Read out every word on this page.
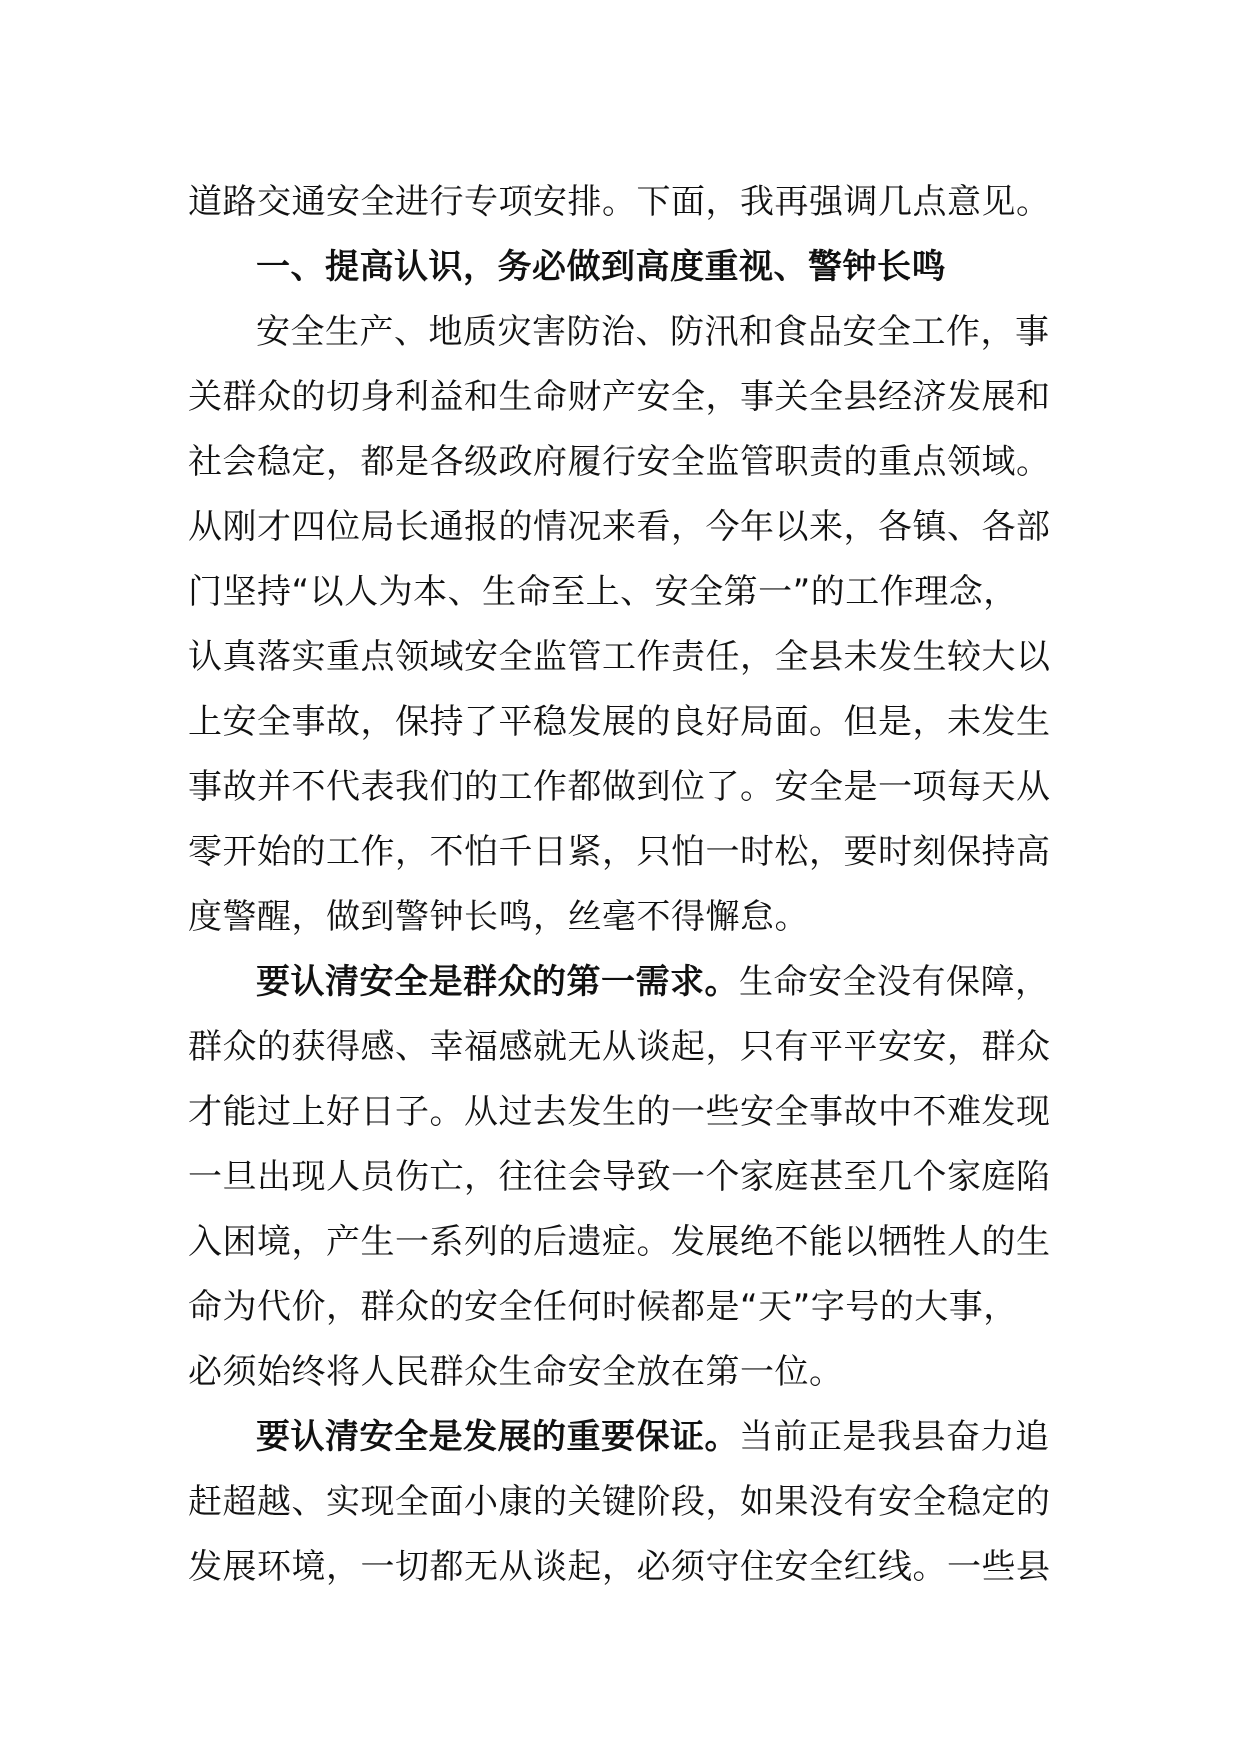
道路交通安全进行专项安排。下面，我再强调几点意见。
一、提高认识，务必做到高度重视、警钟长鸣
安全生产、地质灾害防治、防汛和食品安全工作，事
关群众的切身利益和生命财产安全，事关全县经济发展和
社会稳定，都是各级政府履行安全监管职责的重点领域。
从刚才四位局长通报的情况来看，今年以来，各镇、各部
门坚持“以人为本、生命至上、安全第一”的工作理念，
认真落实重点领域安全监管工作责任，全县未发生较大以
上安全事故，保持了平稳发展的良好局面。但是，未发生
事故并不代表我们的工作都做到位了。安全是一项每天从
零开始的工作，不怕千日紧，只怕一时松，要时刻保持高
度警醒，做到警钟长鸣，丝毫不得懈怠。
要认清安全是群众的第一需求。生命安全没有保障，
群众的获得感、幸福感就无从谈起，只有平平安安，群众
才能过上好日子。从过去发生的一些安全事故中不难发现
一旦出现人员伤亡，往往会导致一个家庭甚至几个家庭陷
入困境，产生一系列的后遗症。发展绝不能以牺牲人的生
命为代价，群众的安全任何时候都是“天”字号的大事，
必须始终将人民群众生命安全放在第一位。
要认清安全是发展的重要保证。当前正是我县奋力追
赶超越、实现全面小康的关键阶段，如果没有安全稳定的
发展环境，一切都无从谈起，必须守住安全红线。一些县
